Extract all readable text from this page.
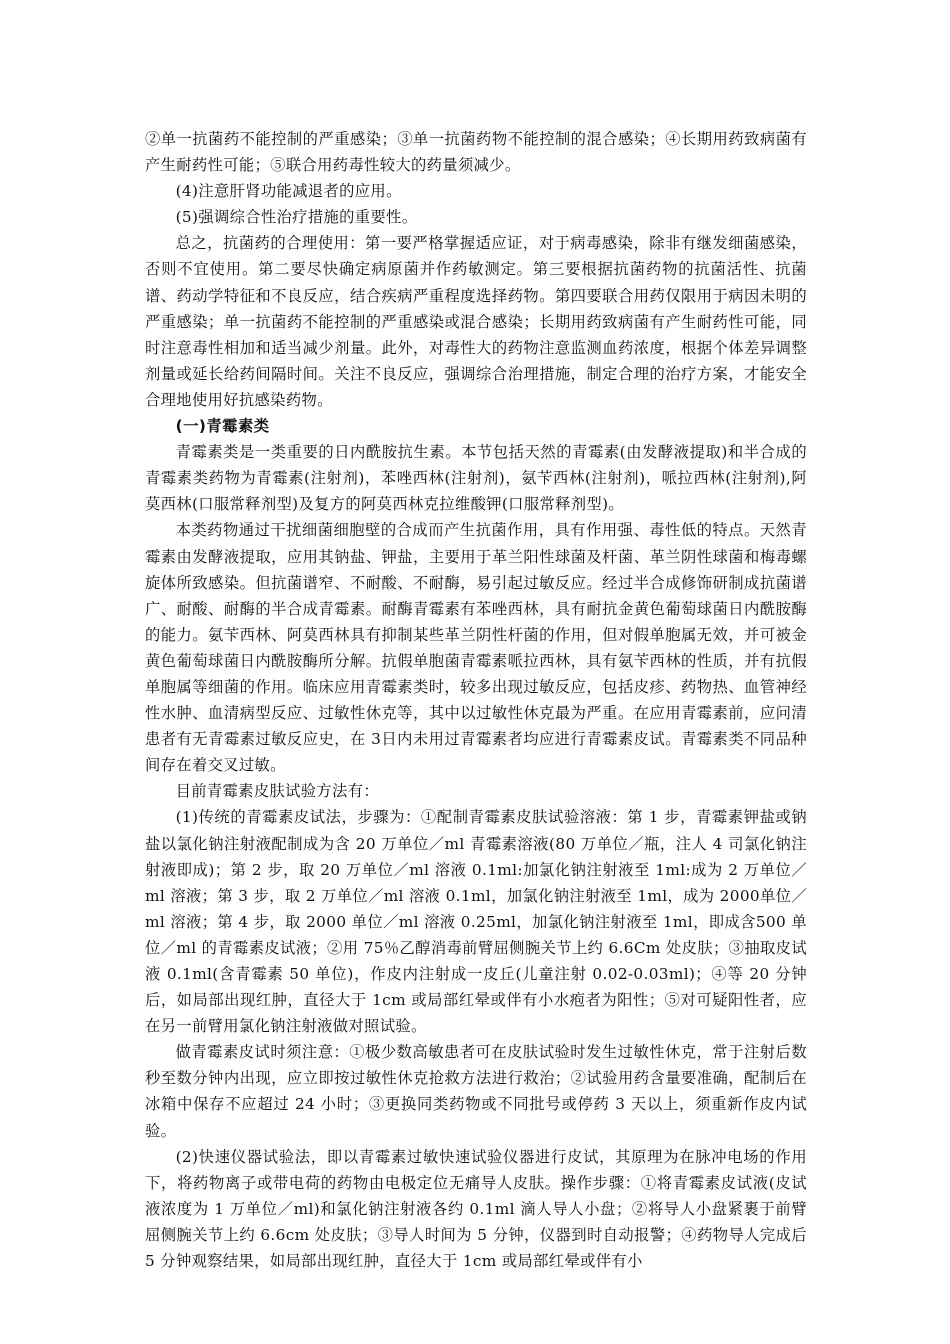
②单一抗菌药不能控制的严重感染；③单一抗菌药物不能控制的混合感染；④长期用药致病菌有产生耐药性可能；⑤联合用药毒性较大的药量须减少。

(4)注意肝肾功能减退者的应用。

(5)强调综合性治疗措施的重要性。

总之，抗菌药的合理使用：第一要严格掌握适应证，对于病毒感染，除非有继发细菌感染，否则不宜使用。第二要尽快确定病原菌并作药敏测定。第三要根据抗菌药物的抗菌活性、抗菌谱、药动学特征和不良反应，结合疾病严重程度选择药物。第四要联合用药仅限用于病因未明的严重感染；单一抗菌药不能控制的严重感染或混合感染；长期用药致病菌有产生耐药性可能，同时注意毒性相加和适当减少剂量。此外，对毒性大的药物注意监测血药浓度，根据个体差异调整剂量或延长给药间隔时间。关注不良反应，强调综合治理措施，制定合理的治疗方案，才能安全合理地使用好抗感染药物。

(一)青霉素类

青霉素类是一类重要的日内酰胺抗生素。本节包括天然的青霉素(由发酵液提取)和半合成的青霉素类药物为青霉素(注射剂)，苯唑西林(注射剂)，氨苄西林(注射剂)，哌拉西林(注射剂),阿莫西林(口服常释剂型)及复方的阿莫西林克拉维酸钾(口服常释剂型)。

本类药物通过干扰细菌细胞壁的合成而产生抗菌作用，具有作用强、毒性低的特点。天然青霉素由发酵液提取，应用其钠盐、钾盐，主要用于革兰阳性球菌及杆菌、革兰阴性球菌和梅毒螺旋体所致感染。但抗菌谱窄、不耐酸、不耐酶，易引起过敏反应。经过半合成修饰研制成抗菌谱广、耐酸、耐酶的半合成青霉素。耐酶青霉素有苯唑西林，具有耐抗金黄色葡萄球菌日内酰胺酶的能力。氨苄西林、阿莫西林具有抑制某些革兰阴性杆菌的作用，但对假单胞属无效，并可被金黄色葡萄球菌日内酰胺酶所分解。抗假单胞菌青霉素哌拉西林，具有氨苄西林的性质，并有抗假单胞属等细菌的作用。临床应用青霉素类时，较多出现过敏反应，包括皮疹、药物热、血管神经性水肿、血清病型反应、过敏性休克等，其中以过敏性休克最为严重。在应用青霉素前，应问清患者有无青霉素过敏反应史，在 3日内未用过青霉素者均应进行青霉素皮试。青霉素类不同品种间存在着交叉过敏。

目前青霉素皮肤试验方法有：

(1)传统的青霉素皮试法，步骤为：①配制青霉素皮肤试验溶液：第 1 步，青霉素钾盐或钠盐以氯化钠注射液配制成为含 20 万单位／ml 青霉素溶液(80 万单位／瓶，注人 4 司氯化钠注射液即成)；第 2 步，取 20 万单位／ml 溶液 0.1ml:加氯化钠注射液至 1ml:成为 2 万单位／ml 溶液；第 3 步，取 2 万单位／ml 溶液 0.1ml，加氯化钠注射液至 1ml，成为 2000单位／ml 溶液；第 4 步，取 2000 单位／ml 溶液 0.25ml，加氯化钠注射液至 1ml，即成含500 单位／ml 的青霉素皮试液；②用 75％乙醇消毒前臂屈侧腕关节上约 6.6Cm 处皮肤；③抽取皮试液 0.1ml(含青霉素 50 单位)，作皮内注射成一皮丘(儿童注射 0.02-0.03ml)；④等 20 分钟后，如局部出现红肿，直径大于 1cm 或局部红晕或伴有小水疱者为阳性；⑤对可疑阳性者，应在另一前臂用氯化钠注射液做对照试验。

做青霉素皮试时须注意：①极少数高敏患者可在皮肤试验时发生过敏性休克，常于注射后数秒至数分钟内出现，应立即按过敏性休克抢救方法进行救治；②试验用药含量要准确，配制后在冰箱中保存不应超过 24 小时；③更换同类药物或不同批号或停药 3 天以上，须重新作皮内试验。

(2)快速仪器试验法，即以青霉素过敏快速试验仪器进行皮试，其原理为在脉冲电场的作用下，将药物离子或带电荷的药物由电极定位无痛导人皮肤。操作步骤：①将青霉素皮试液(皮试液浓度为 1 万单位／ml)和氯化钠注射液各约 0.1ml 滴人导人小盘；②将导人小盘紧裹于前臂屈侧腕关节上约 6.6cm 处皮肤；③导人时间为 5 分钟，仪器到时自动报警；④药物导人完成后 5 分钟观察结果，如局部出现红肿，直径大于 1cm 或局部红晕或伴有小
